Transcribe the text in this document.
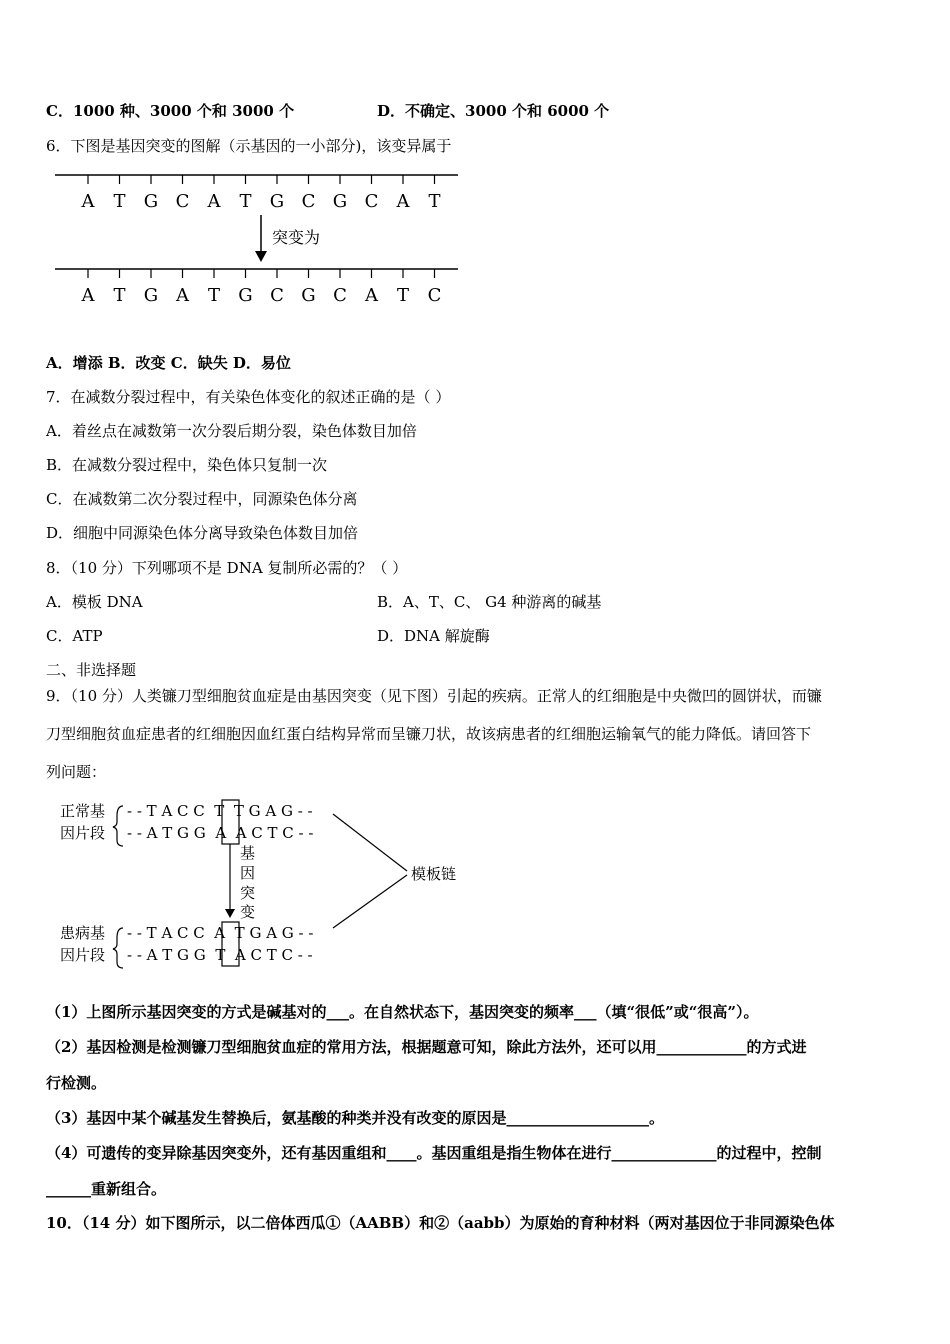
C．1000 种、3000 个和 3000 个	D．不确定、3000 个和 6000 个
6．下图是基因突变的图解（示基因的一小部分)，该变异属于
A T G C A T G C G C A T
突变为
A T G A T G C G C A T C
A．增添 B．改变 C．缺失 D．易位
7．在减数分裂过程中，有关染色体变化的叙述正确的是（ ）
A．着丝点在减数第一次分裂后期分裂，染色体数目加倍
B．在减数分裂过程中，染色体只复制一次
C．在减数第二次分裂过程中，同源染色体分离
D．细胞中同源染色体分离导致染色体数目加倍
8．（10 分）下列哪项不是 DNA 复制所必需的？（ ）
A．模板 DNA	B．A、T、C、 G4 种游离的碱基
C．ATP	D．DNA 解旋酶
二、非选择题
9．（10 分）人类镰刀型细胞贫血症是由基因突变（见下图）引起的疾病。正常人的红细胞是中央微凹的圆饼状，而镰
刀型细胞贫血症患者的红细胞因血红蛋白结构异常而呈镰刀状，故该病患者的红细胞运输氧气的能力降低。请回答下
列问题：
正常基
因片段
- - T A C C  T  T G A G - -
- - A T G G  A  A C T C - -
基
因
突
变
模板链
患病基
因片段
- - T A C C  A  T G A G - -
- - A T G G  T  A C T C - -
（1）上图所示基因突变的方式是碱基对的___。在自然状态下，基因突变的频率___（填“很低”或“很高”）。
（2）基因检测是检测镰刀型细胞贫血症的常用方法，根据题意可知，除此方法外，还可以用____________的方式进
行检测。
（3）基因中某个碱基发生替换后，氨基酸的种类并没有改变的原因是___________________。
（4）可遗传的变异除基因突变外，还有基因重组和____。基因重组是指生物体在进行______________的过程中，控制
______重新组合。
10．（14 分）如下图所示，以二倍体西瓜①（AABB）和②（aabb）为原始的育种材料（两对基因位于非同源染色体
